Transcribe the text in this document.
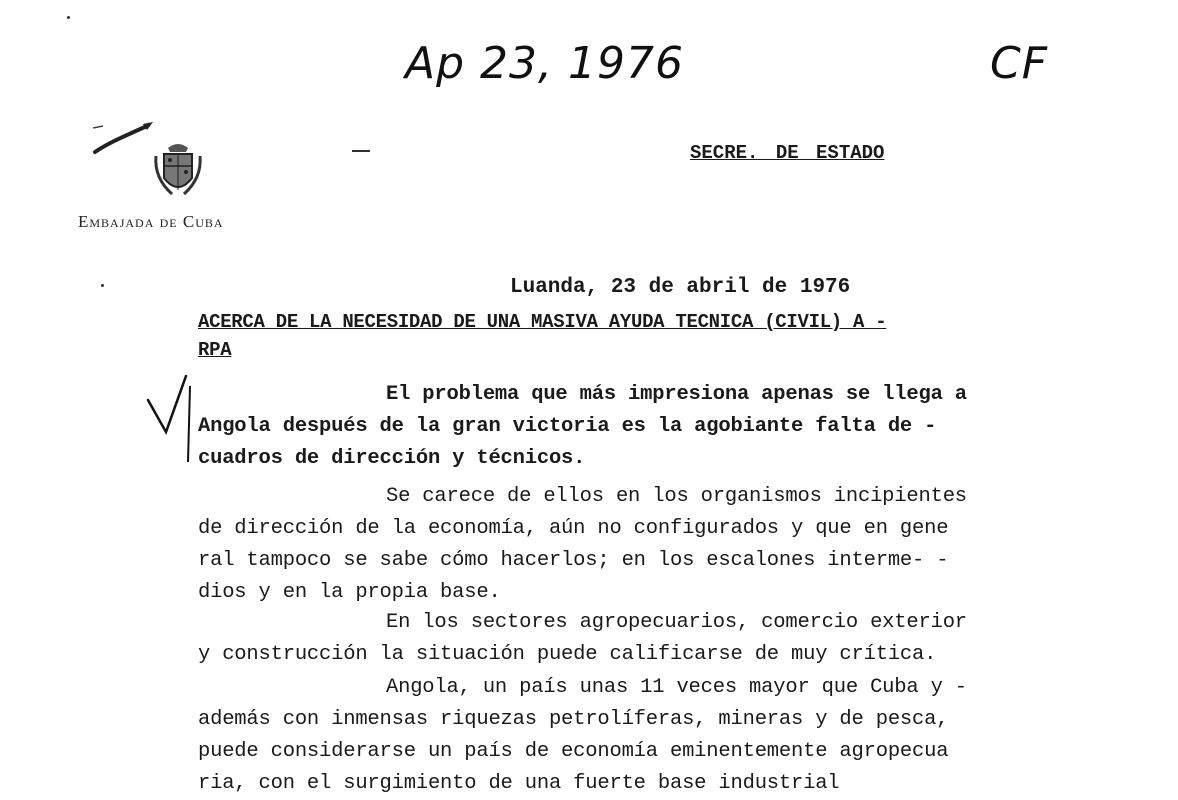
Ap 23, 1976	CF
Embajada de Cuba
SECRE. DE ESTADO
Luanda, 23 de abril de 1976
ACERCA DE LA NECESIDAD DE UNA MASIVA AYUDA TECNICA (CIVIL) A -
RPA
El problema que más impresiona apenas se llega a
Angola después de la gran victoria es la agobiante falta de -
cuadros de dirección y técnicos.
Se carece de ellos en los organismos incipientes
de dirección de la economía, aún no configurados y que en gene
ral tampoco se sabe cómo hacerlos; en los escalones interme- -
dios y en la propia base.
En los sectores agropecuarios, comercio exterior
y construcción la situación puede calificarse de muy crítica.
Angola, un país unas 11 veces mayor que Cuba y -
además con inmensas riquezas petrolíferas, mineras y de pesca,
puede considerarse un país de economía eminentemente agropecua
ria, con el surgimiento de una fuerte base industrial
